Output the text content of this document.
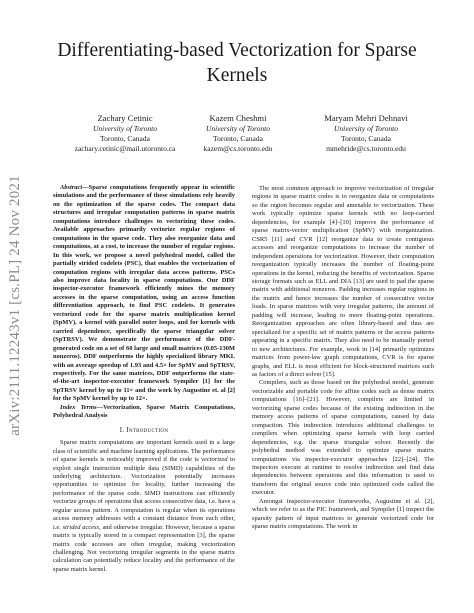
arXiv:2111.12243v1 [cs.PL] 24 Nov 2021
Differentiating-based Vectorization for Sparse Kernels
Zachary Cetinic
University of Toronto
Toronto, Canada
zachary.cetinic@mail.utoronto.ca
Kazem Cheshmi
University of Toronto
Toronto, Canada
kazem@cs.toronto.edu
Maryam Mehri Dehnavi
University of Toronto
Toronto, Canada
mmehride@cs.toronto.edu

Abstract—Sparse computations frequently appear in scientific simulations and the performance of these simulations rely heavily on the optimization of the sparse codes. The compact data structures and irregular computation patterns in sparse matrix computations introduce challenges to vectorizing these codes. Available approaches primarily vectorize regular regions of computations in the sparse code. They also reorganize data and computations, at a cost, to increase the number of regular regions. In this work, we propose a novel polyhedral model, called the partially strided codelets (PSC), that enables the vectorization of computation regions with irregular data access patterns. PSCs also improve data locality in sparse computations. Our DDF inspector-executor framework efficiently mines the memory accesses in the sparse computation, using an access function differentiation approach, to find PSC codelets. It generates vectorized code for the sparse matrix multiplication kernel (SpMV), a kernel with parallel outer loops, and for kernels with carried dependence, specifically the sparse triangular solver (SpTRSV). We demonstrate the performance of the DDF-generated code on a set of 60 large and small matrices (0.05-130M nonzeros). DDF outperforms the highly specialized library MKL with an average speedup of 1.93 and 4.5× for SpMV and SpTRSV, respectively. For the same matrices, DDF outperforms the state-of-the-art inspector-executor framework Sympiler [1] for the SpTRSV kernel by up to 11× and the work by Augustine et. al [2] for the SpMV kernel by up to 12×.

Index Terms—Vectorization, Sparse Matrix Computations, Polyhedral Analysis

I. Introduction

Sparse matrix computations are important kernels used in a large class of scientific and machine learning applications. The performance of sparse kernels is noticeably improved if the code is vectorized to exploit single instruction multiple data (SIMD) capabilities of the underlying architecture. Vectorization potentially increases opportunities to optimize for locality, further increasing the performance of the sparse code. SIMD instructions can efficiently vectorize groups of operations that access consecutive data, i.e. have a regular access pattern. A computation is regular when its operations access memory addresses with a constant distance from each other, i.e. strided access, and otherwise irregular. However, because a sparse matrix is typically stored in a compact representation [3], the sparse matrix code accesses are often irregular, making vectorization challenging. Not vectorizing irregular segments in the sparse matrix calculation can potentially reduce locality and the performance of the sparse matrix kernel.

The most common approach to improve vectorization of irregular regions in sparse matrix codes is to reorganize data or computations so the region becomes regular and amenable to vectorization. These work typically optimize sparse kernels with no loop-carried dependencies, for example [4]–[10] improve the performance of sparse matrix-vector multiplication (SpMV) with reorganization. CSR5 [11] and CVR [12] reorganize data to create contiguous accesses and reorganize computations to increase the number of independent operations for vectorization. However, their computation reorganization typically increases the number of floating-point operations in the kernel, reducing the benefits of vectorization. Sparse storage formats such as ELL and DIA [13] are used to pad the sparse matrix with additional nonzeros. Padding increases regular regions in the matrix and hence increases the number of consecutive vector loads. In sparse matrices with very irregular patterns, the amount of padding will increase, leading to more floating-point operations. Reorganization approaches are often library-based and thus are specialized for a specific set of matrix patterns or the access patterns appearing in a specific matrix. They also need to be manually ported to new architectures. For example, work in [14] primarily optimizes matrices from power-law graph computations, CVR is for sparse graphs, and ELL is most efficient for block-structured matrices such as factors of a direct solver [15].

Compilers, such as those based on the polyhedral model, generate vectorizable and portable code for affine codes such as dense matrix computations [16]–[21]. However, compilers are limited in vectorizing sparse codes because of the existing indirection in the memory access patterns of sparse computations, caused by data compaction. This indirection introduces additional challenges to compilers when optimizing sparse kernels with loop carried dependencies, e.g. the sparse triangular solver. Recently the polyhedral method was extended to optimize sparse matrix computations via inspector-executor approaches [22]–[24]. The inspectors execute at runtime to resolve indirection and find data dependencies between operations and this information is used to transform the original source code into optimized code called the executor.

Amongst inspector-executor frameworks, Augustine et al. [2], which we refer to as the PIC framework, and Sympiler [1] inspect the sparsity pattern of input matrices to generate vectorized code for sparse matrix computations. The work in
